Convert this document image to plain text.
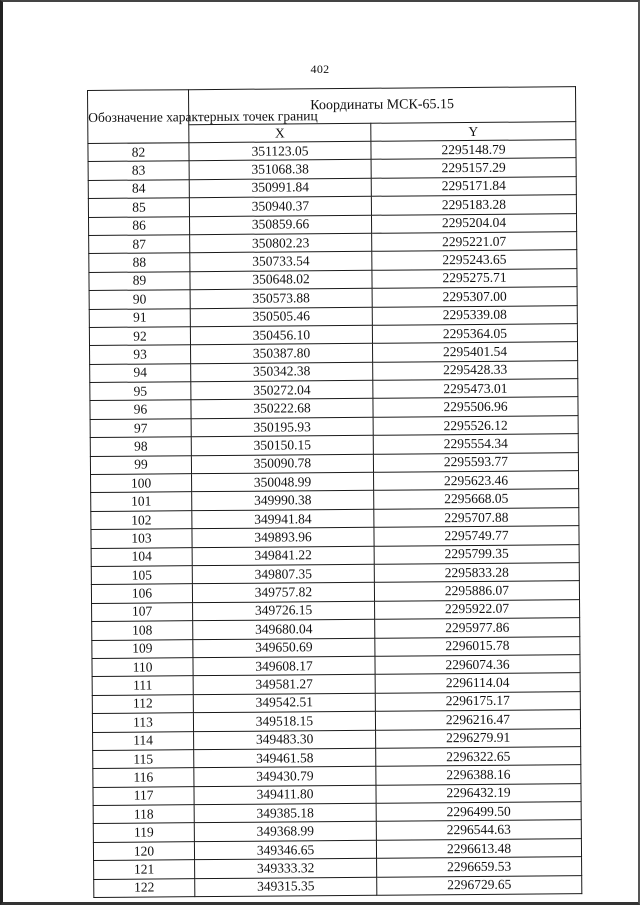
402
Обозначение характерных точек границ	Координаты МСК-65.15	
	X	Y
82	351123.05	2295148.79
83	351068.38	2295157.29
84	350991.84	2295171.84
85	350940.37	2295183.28
86	350859.66	2295204.04
87	350802.23	2295221.07
88	350733.54	2295243.65
89	350648.02	2295275.71
90	350573.88	2295307.00
91	350505.46	2295339.08
92	350456.10	2295364.05
93	350387.80	2295401.54
94	350342.38	2295428.33
95	350272.04	2295473.01
96	350222.68	2295506.96
97	350195.93	2295526.12
98	350150.15	2295554.34
99	350090.78	2295593.77
100	350048.99	2295623.46
101	349990.38	2295668.05
102	349941.84	2295707.88
103	349893.96	2295749.77
104	349841.22	2295799.35
105	349807.35	2295833.28
106	349757.82	2295886.07
107	349726.15	2295922.07
108	349680.04	2295977.86
109	349650.69	2296015.78
110	349608.17	2296074.36
111	349581.27	2296114.04
112	349542.51	2296175.17
113	349518.15	2296216.47
114	349483.30	2296279.91
115	349461.58	2296322.65
116	349430.79	2296388.16
117	349411.80	2296432.19
118	349385.18	2296499.50
119	349368.99	2296544.63
120	349346.65	2296613.48
121	349333.32	2296659.53
122	349315.35	2296729.65
